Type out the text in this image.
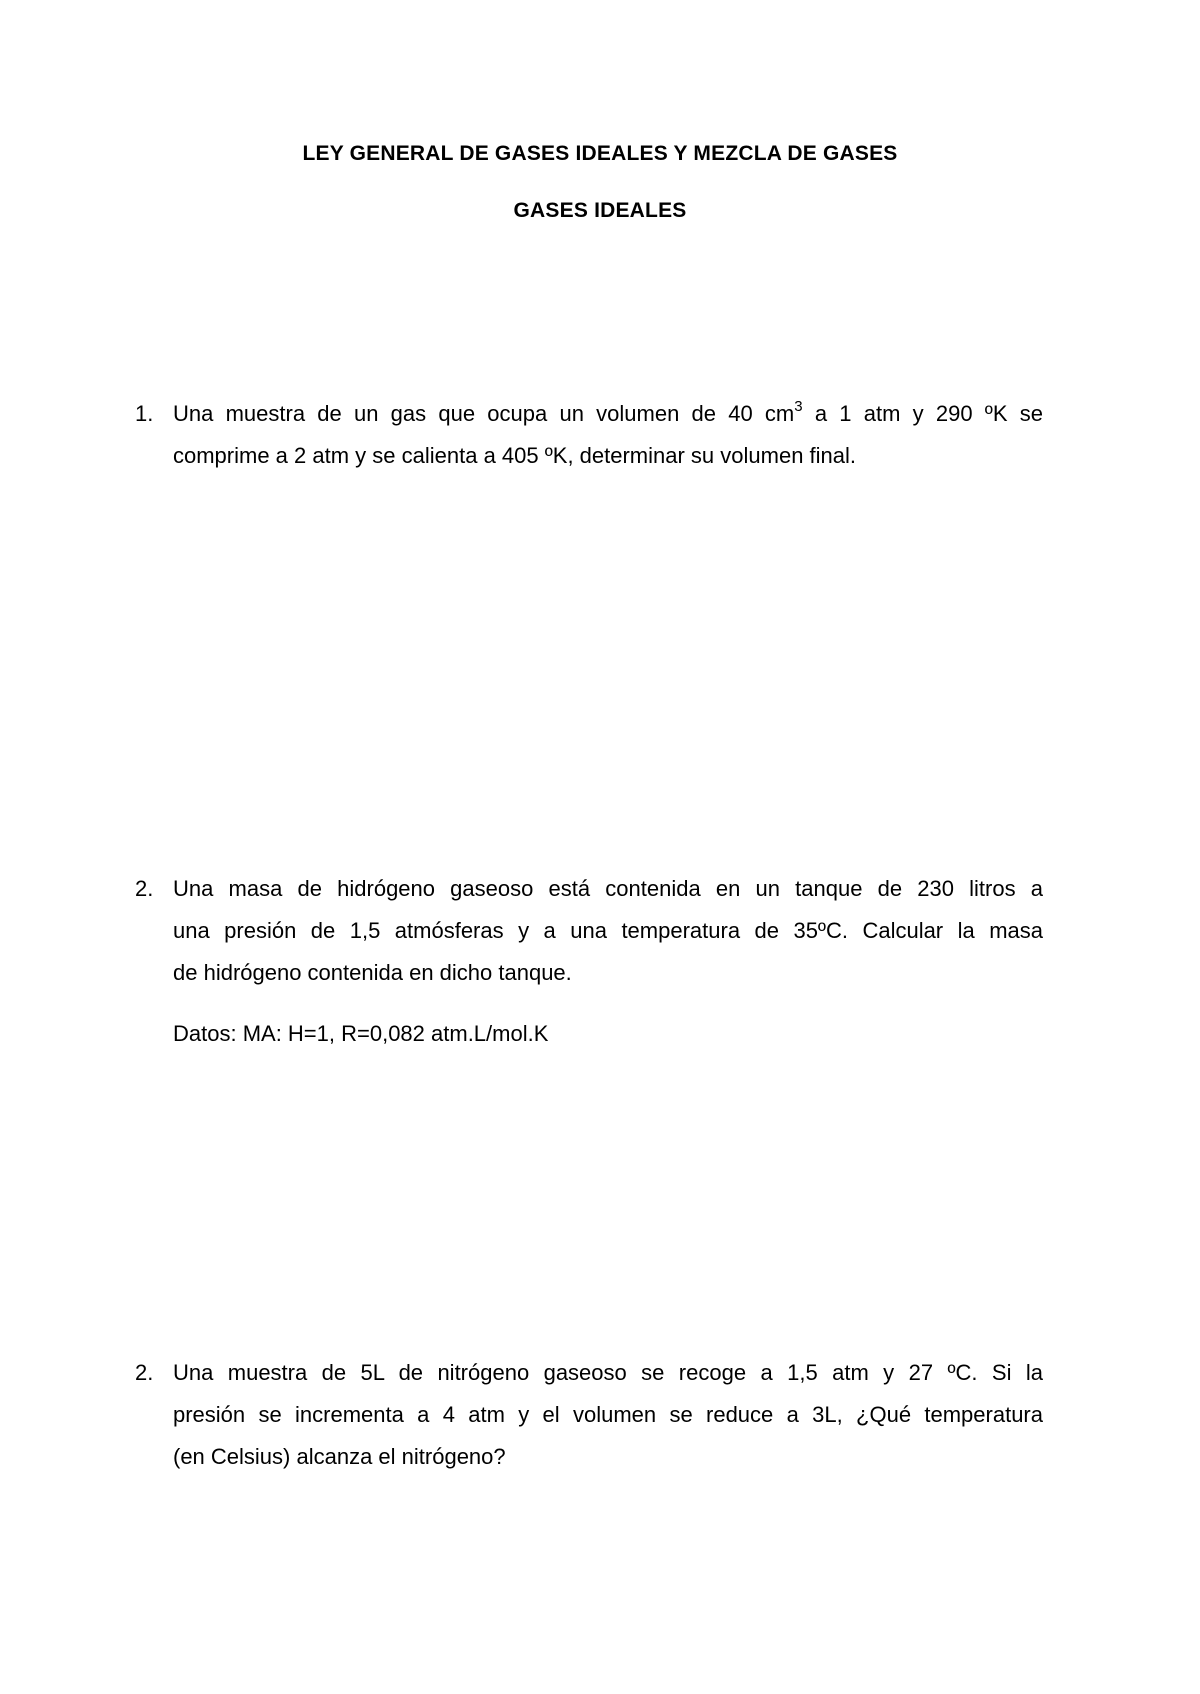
LEY GENERAL DE GASES IDEALES Y MEZCLA DE GASES
GASES IDEALES
1. Una muestra de un gas que ocupa un volumen de 40 $cm^3$ a 1 atm y 290 ºK se
comprime a 2 atm y se calienta a 405 ºK, determinar su volumen final.
2. Una masa de hidrógeno gaseoso está contenida en un tanque de 230 litros a
una presión de 1,5 atmósferas y a una temperatura de 35ºC. Calcular la masa
de hidrógeno contenida en dicho tanque.
Datos: MA: H=1, R=0,082 atm.L/mol.K
2. Una muestra de 5L de nitrógeno gaseoso se recoge a 1,5 atm y 27 ºC. Si la
presión se incrementa a 4 atm y el volumen se reduce a 3L, ¿Qué temperatura
(en Celsius) alcanza el nitrógeno?
